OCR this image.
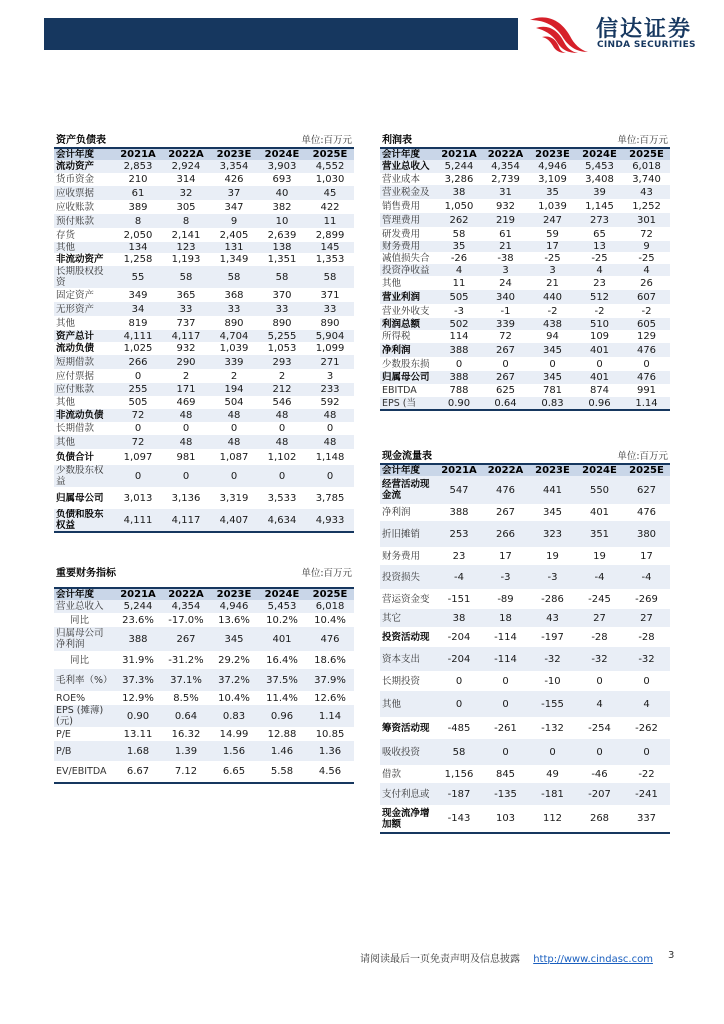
信达证券
CINDA SECURITIES
资产负债表				单位:百万元	
会计年度	2021A	2022A	2023E	2024E	2025E
流动资产	2,853	2,924	3,354	3,903	4,552
货币资金	210	314	426	693	1,030
应收票据	61	32	37	40	45
应收账款	389	305	347	382	422
预付账款	8	8	9	10	11
存货	2,050	2,141	2,405	2,639	2,899
其他	134	123	131	138	145
非流动资产	1,258	1,193	1,349	1,351	1,353
长期股权投资	55	58	58	58	58
固定资产	349	365	368	370	371
无形资产	34	33	33	33	33
其他	819	737	890	890	890
资产总计	4,111	4,117	4,704	5,255	5,904
流动负债	1,025	932	1,039	1,053	1,099
短期借款	266	290	339	293	271
应付票据	0	2	2	2	3
应付账款	255	171	194	212	233
其他	505	469	504	546	592
非流动负债	72	48	48	48	48
长期借款	0	0	0	0	0
其他	72	48	48	48	48
负债合计	1,097	981	1,087	1,102	1,148
少数股东权益	0	0	0	0	0
归属母公司	3,013	3,136	3,319	3,533	3,785
负债和股东权益	4,111	4,117	4,407	4,634	4,933
利润表				单位:百万元	
会计年度	2021A	2022A	2023E	2024E	2025E
营业总收入	5,244	4,354	4,946	5,453	6,018
营业成本	3,286	2,739	3,109	3,408	3,740
营业税金及	38	31	35	39	43
销售费用	1,050	932	1,039	1,145	1,252
管理费用	262	219	247	273	301
研发费用	58	61	59	65	72
财务费用	35	21	17	13	9
减值损失合	-26	-38	-25	-25	-25
投资净收益	4	3	3	4	4
其他	11	24	21	23	26
营业利润	505	340	440	512	607
营业外收支	-3	-1	-2	-2	-2
利润总额	502	339	438	510	605
所得税	114	72	94	109	129
净利润	388	267	345	401	476
少数股东损	0	0	0	0	0
归属母公司	388	267	345	401	476
EBITDA	788	625	781	874	991
EPS (当	0.90	0.64	0.83	0.96	1.14
重要财务指标				单位:百万元	
会计年度	2021A	2022A	2023E	2024E	2025E
营业总收入	5,244	4,354	4,946	5,453	6,018
同比	23.6%	-17.0%	13.6%	10.2%	10.4%
归属母公司净利润	388	267	345	401	476
同比	31.9%	-31.2%	29.2%	16.4%	18.6%
毛利率（%）	37.3%	37.1%	37.2%	37.5%	37.9%
ROE%	12.9%	8.5%	10.4%	11.4%	12.6%
EPS (摊薄)(元)	0.90	0.64	0.83	0.96	1.14
P/E	13.11	16.32	14.99	12.88	10.85
P/B	1.68	1.39	1.56	1.46	1.36
EV/EBITDA	6.67	7.12	6.65	5.58	4.56
现金流量表				单位:百万元	
会计年度	2021A	2022A	2023E	2024E	2025E
经营活动现金流	547	476	441	550	627
净利润	388	267	345	401	476
折旧摊销	253	266	323	351	380
财务费用	23	17	19	19	17
投资损失	-4	-3	-3	-4	-4
营运资金变	-151	-89	-286	-245	-269
其它	38	18	43	27	27
投资活动现	-204	-114	-197	-28	-28
资本支出	-204	-114	-32	-32	-32
长期投资	0	0	-10	0	0
其他	0	0	-155	4	4
筹资活动现	-485	-261	-132	-254	-262
吸收投资	58	0	0	0	0
借款	1,156	845	49	-46	-22
支付利息或	-187	-135	-181	-207	-241
现金流净增加额	-143	103	112	268	337
请阅读最后一页免责声明及信息披露 http://www.cindasc.com 3
